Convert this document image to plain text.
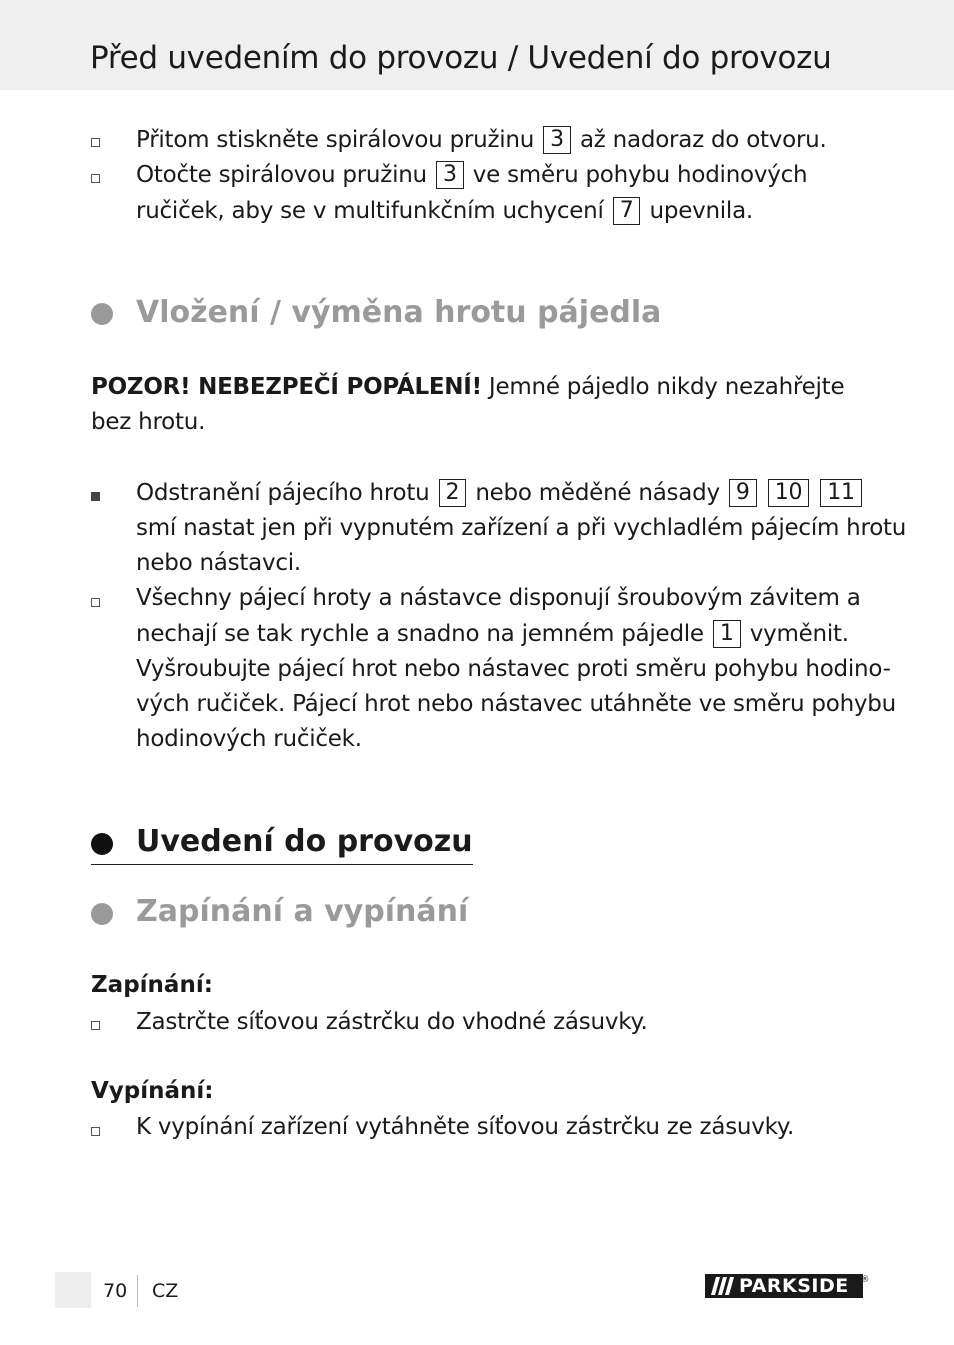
Před uvedením do provozu / Uvedení do provozu
Přitom stiskněte spirálovou pružinu 3 až nadoraz do otvoru.
Otočte spirálovou pružinu 3 ve směru pohybu hodinových
ručiček, aby se v multifunkčním uchycení 7 upevnila.
Vložení / výměna hrotu pájedla
POZOR! NEBEZPEČÍ POPÁLENÍ! Jemné pájedlo nikdy nezahřejte
bez hrotu.
Odstranění pájecího hrotu 2 nebo měděné násady 9 10 11
smí nastat jen při vypnutém zařízení a při vychladlém pájecím hrotu
nebo nástavci.
Všechny pájecí hroty a nástavce disponují šroubovým závitem a
nechají se tak rychle a snadno na jemném pájedle 1 vyměnit.
Vyšroubujte pájecí hrot nebo nástavec proti směru pohybu hodino-
vých ručiček. Pájecí hrot nebo nástavec utáhněte ve směru pohybu
hodinových ručiček.
Uvedení do provozu
Zapínání a vypínání
Zapínání:
Zastrčte síťovou zástrčku do vhodné zásuvky.
Vypínání:
K vypínání zařízení vytáhněte síťovou zástrčku ze zásuvky.
70 CZ	PARKSIDE ®
